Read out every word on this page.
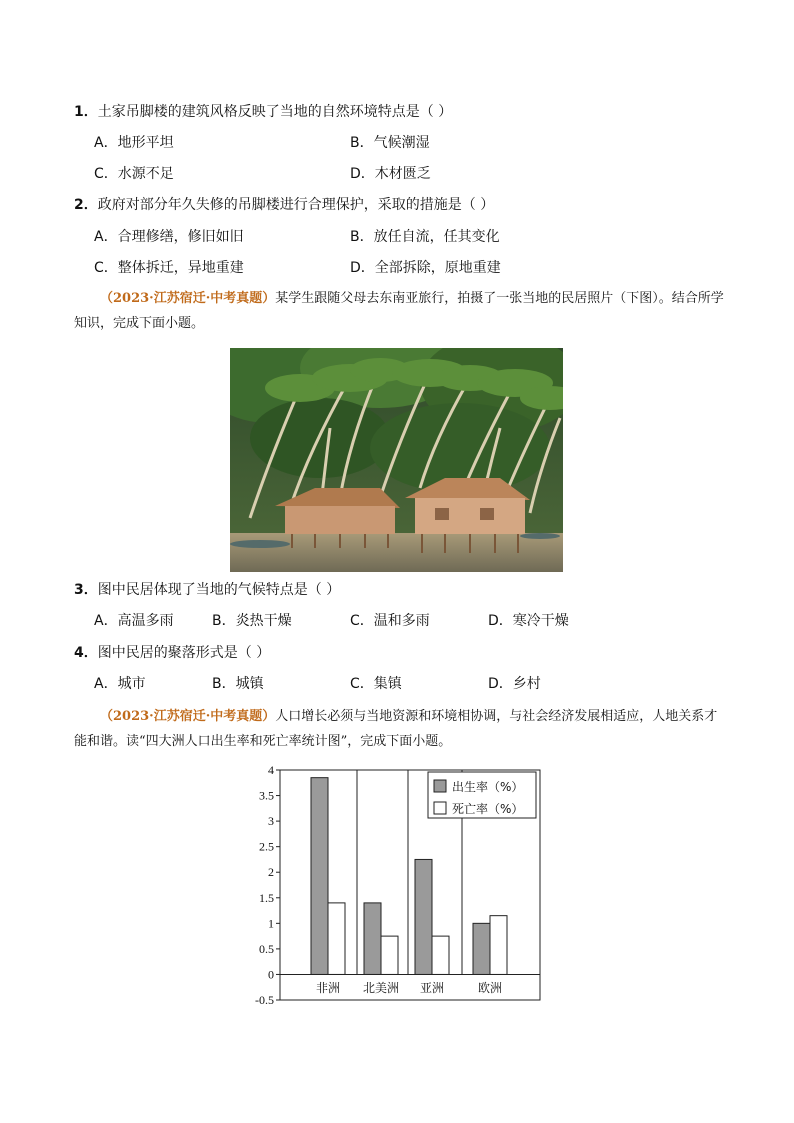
1．土家吊脚楼的建筑风格反映了当地的自然环境特点是（ ）
A．地形平坦	B．气候潮湿
C．水源不足	D．木材匮乏
2．政府对部分年久失修的吊脚楼进行合理保护，采取的措施是（ ）
A．合理修缮，修旧如旧	B．放任自流，任其变化
C．整体拆迁，异地重建	D．全部拆除，原地重建
（2023·江苏宿迁·中考真题）某学生跟随父母去东南亚旅行，拍摄了一张当地的民居照片（下图）。结合所学知识，完成下面小题。
3．图中民居体现了当地的气候特点是（ ）
A．高温多雨	B．炎热干燥	C．温和多雨	D．寒冷干燥
4．图中民居的聚落形式是（ ）
A．城市	B．城镇	C．集镇	D．乡村
（2023·江苏宿迁·中考真题）人口增长必须与当地资源和环境相协调，与社会经济发展相适应，人地关系才能和谐。读“四大洲人口出生率和死亡率统计图”，完成下面小题。
4
3.5
3
2.5
2
1.5
1
0.5
0
-0.5
非洲 北美洲 亚洲	欧洲
出生率（%）
死亡率（%）
